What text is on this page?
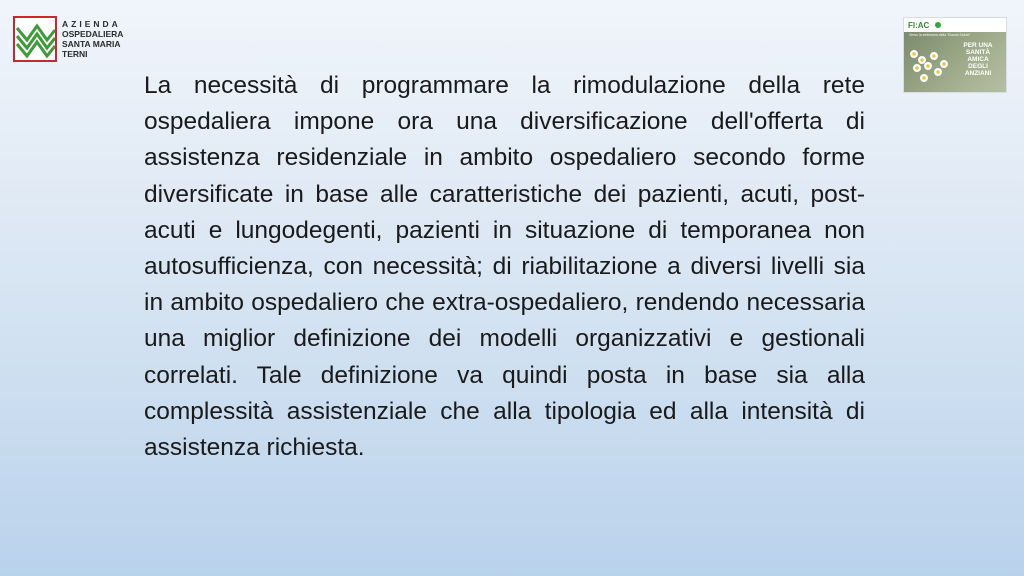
AZIENDA
OSPEDALIERA
SANTA MARIA
TERNI
FI:AC
Verso la settimana della "Buona Salute"
PER UNA
SANITÀ
AMICA
DEGLI
ANZIANI

La necessità di programmare la rimodulazione della rete ospedaliera impone ora una diversificazione dell'offerta di assistenza residenziale in ambito ospedaliero secondo forme diversificate in base alle caratteristiche dei pazienti, acuti, post-acuti e lungodegenti, pazienti in situazione di temporanea non autosufficienza, con necessità; di riabilitazione a diversi livelli sia in ambito ospedaliero che extra-ospedaliero, rendendo necessaria una miglior definizione dei modelli organizzativi e gestionali correlati. Tale definizione va quindi posta in base sia alla complessità assistenziale che alla tipologia ed alla intensità di assistenza richiesta.
